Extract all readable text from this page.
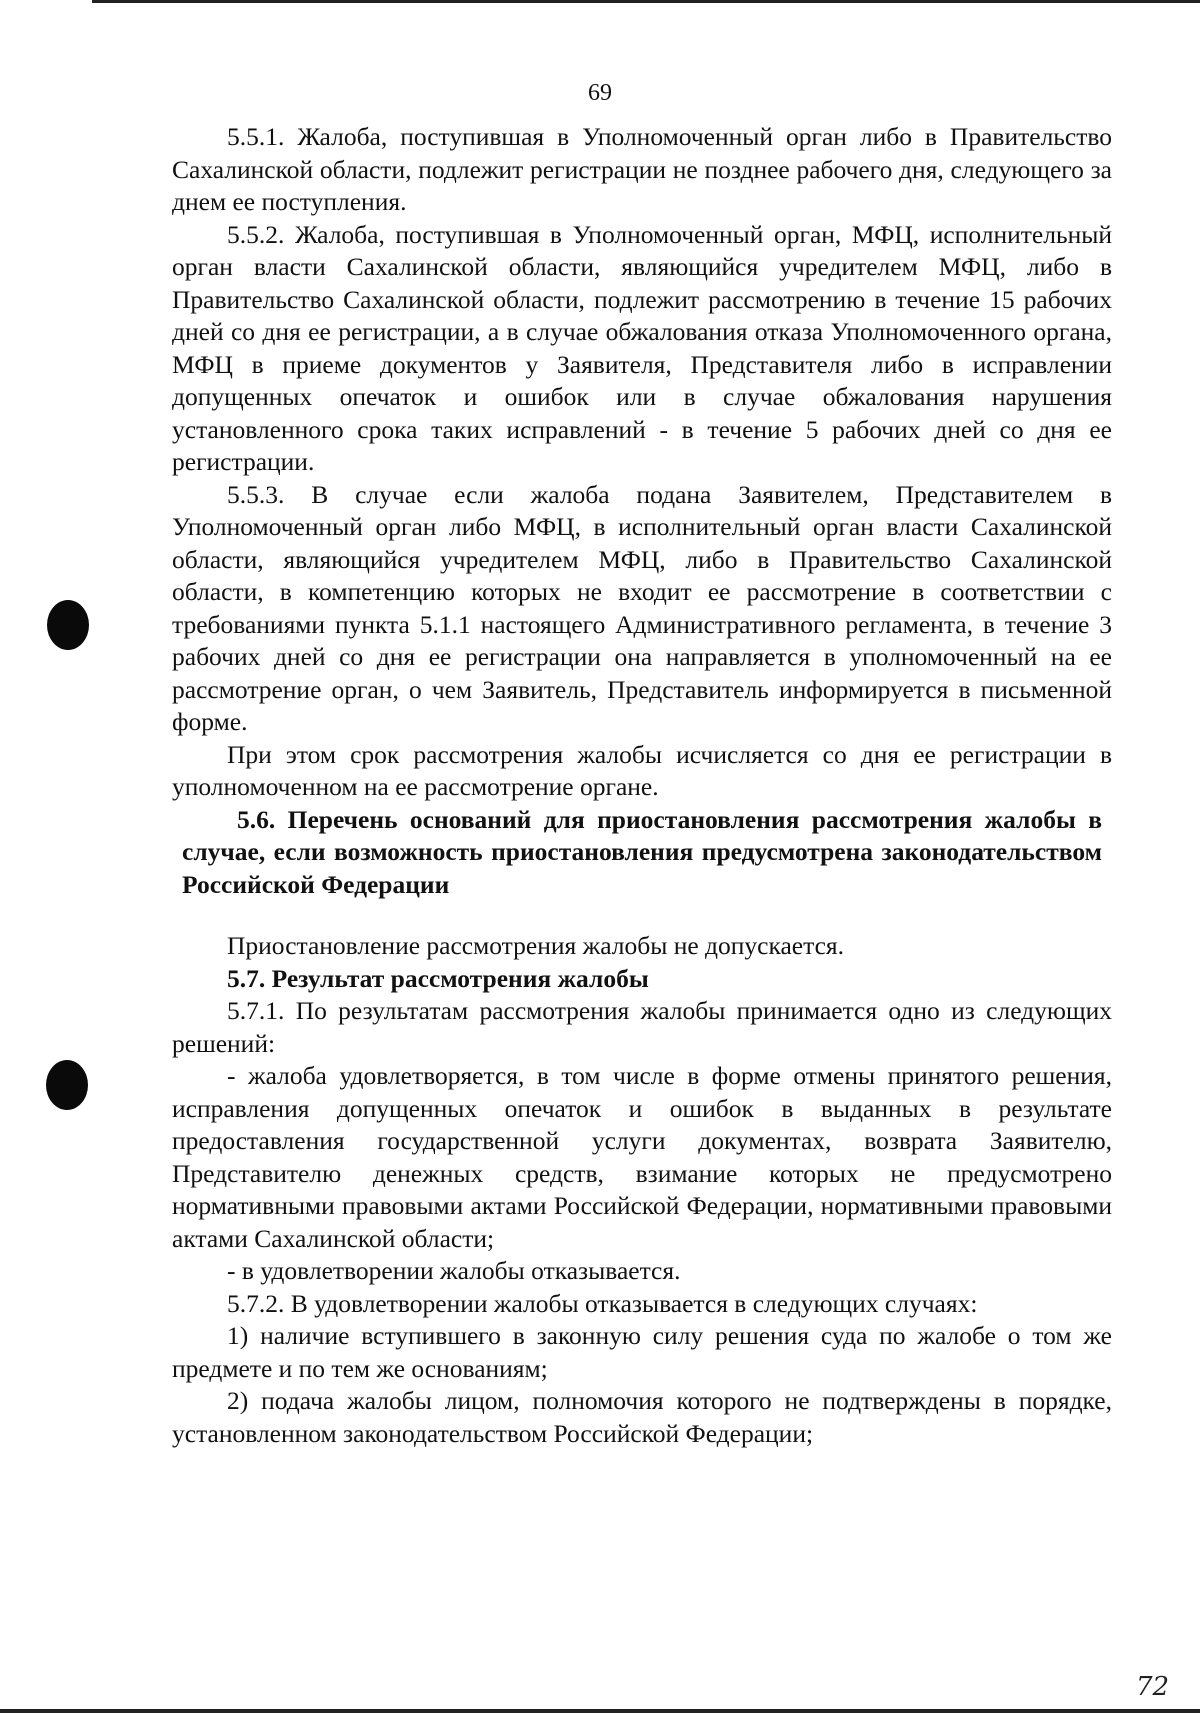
69

5.5.1. Жалоба, поступившая в Уполномоченный орган либо в Правительство Сахалинской области, подлежит регистрации не позднее рабочего дня, следующего за днем ее поступления.

5.5.2. Жалоба, поступившая в Уполномоченный орган, МФЦ, исполнительный орган власти Сахалинской области, являющийся учредителем МФЦ, либо в Правительство Сахалинской области, подлежит рассмотрению в течение 15 рабочих дней со дня ее регистрации, а в случае обжалования отказа Уполномоченного органа, МФЦ в приеме документов у Заявителя, Представителя либо в исправлении допущенных опечаток и ошибок или в случае обжалования нарушения установленного срока таких исправлений - в течение 5 рабочих дней со дня ее регистрации.

5.5.3. В случае если жалоба подана Заявителем, Представителем в Уполномоченный орган либо МФЦ, в исполнительный орган власти Сахалинской области, являющийся учредителем МФЦ, либо в Правительство Сахалинской области, в компетенцию которых не входит ее рассмотрение в соответствии с требованиями пункта 5.1.1 настоящего Административного регламента, в течение 3 рабочих дней со дня ее регистрации она направляется в уполномоченный на ее рассмотрение орган, о чем Заявитель, Представитель информируется в письменной форме.

При этом срок рассмотрения жалобы исчисляется со дня ее регистрации в уполномоченном на ее рассмотрение органе.

5.6. Перечень оснований для приостановления рассмотрения жалобы в случае, если возможность приостановления предусмотрена законодательством Российской Федерации

Приостановление рассмотрения жалобы не допускается.

5.7. Результат рассмотрения жалобы

5.7.1. По результатам рассмотрения жалобы принимается одно из следующих решений:

- жалоба удовлетворяется, в том числе в форме отмены принятого решения, исправления допущенных опечаток и ошибок в выданных в результате предоставления государственной услуги документах, возврата Заявителю, Представителю денежных средств, взимание которых не предусмотрено нормативными правовыми актами Российской Федерации, нормативными правовыми актами Сахалинской области;

- в удовлетворении жалобы отказывается.

5.7.2. В удовлетворении жалобы отказывается в следующих случаях:

1) наличие вступившего в законную силу решения суда по жалобе о том же предмете и по тем же основаниям;

2) подача жалобы лицом, полномочия которого не подтверждены в порядке, установленном законодательством Российской Федерации;

72
